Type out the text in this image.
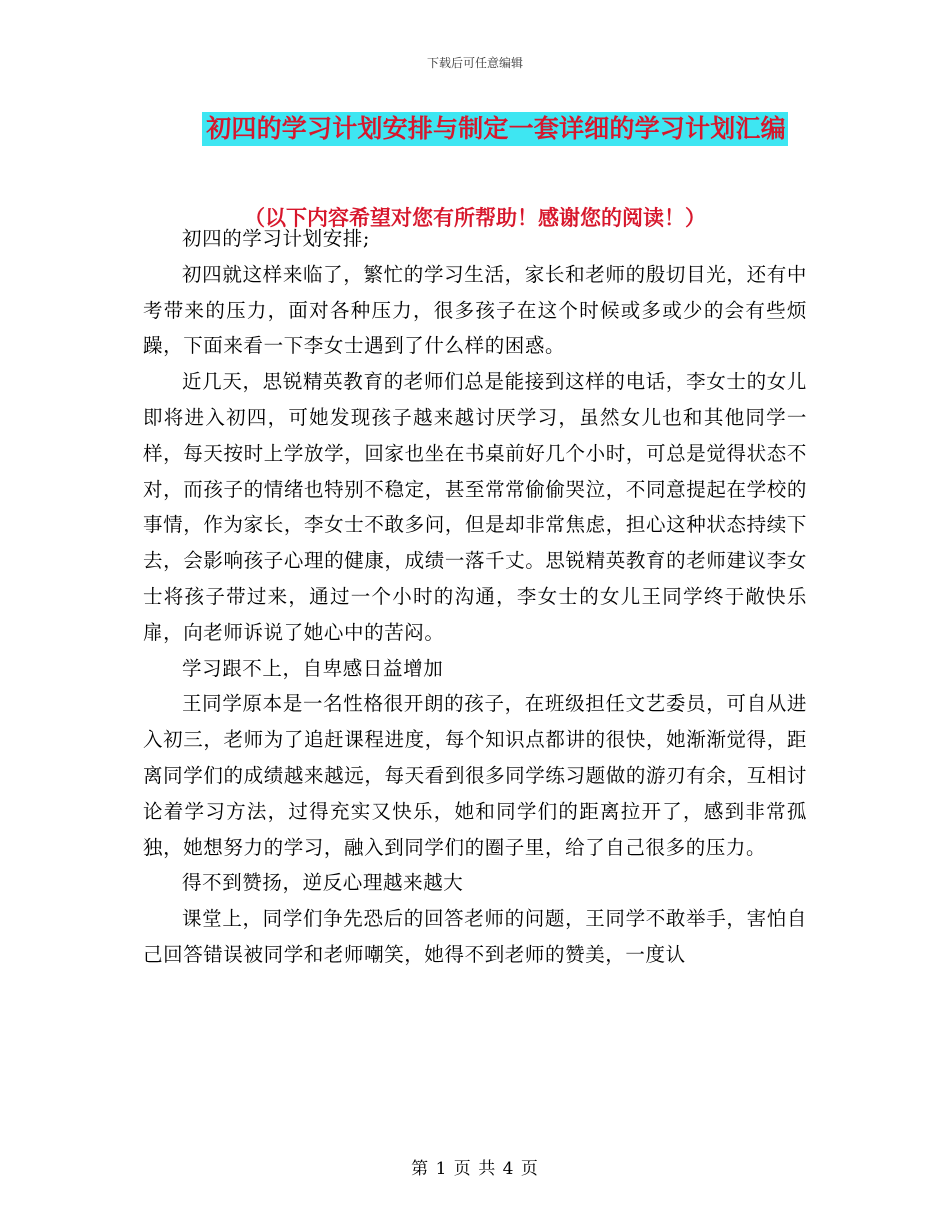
下载后可任意编辑
初四的学习计划安排与制定一套详细的学习计划汇编
（以下内容希望对您有所帮助！感谢您的阅读！）

初四的学习计划安排;

初四就这样来临了，繁忙的学习生活，家长和老师的殷切目光，还有中考带来的压力，面对各种压力，很多孩子在这个时候或多或少的会有些烦躁，下面来看一下李女士遇到了什么样的困惑。

近几天，思锐精英教育的老师们总是能接到这样的电话，李女士的女儿即将进入初四，可她发现孩子越来越讨厌学习，虽然女儿也和其他同学一样，每天按时上学放学，回家也坐在书桌前好几个小时，可总是觉得状态不对，而孩子的情绪也特别不稳定，甚至常常偷偷哭泣，不同意提起在学校的事情，作为家长，李女士不敢多问，但是却非常焦虑，担心这种状态持续下去，会影响孩子心理的健康，成绩一落千丈。思锐精英教育的老师建议李女士将孩子带过来，通过一个小时的沟通，李女士的女儿王同学终于敞快乐扉，向老师诉说了她心中的苦闷。

学习跟不上，自卑感日益增加

王同学原本是一名性格很开朗的孩子，在班级担任文艺委员，可自从进入初三，老师为了追赶课程进度，每个知识点都讲的很快，她渐渐觉得，距离同学们的成绩越来越远，每天看到很多同学练习题做的游刃有余，互相讨论着学习方法，过得充实又快乐，她和同学们的距离拉开了，感到非常孤独，她想努力的学习，融入到同学们的圈子里，给了自己很多的压力。

得不到赞扬，逆反心理越来越大

课堂上，同学们争先恐后的回答老师的问题，王同学不敢举手，害怕自己回答错误被同学和老师嘲笑，她得不到老师的赞美，一度认

第 1 页 共 4 页
